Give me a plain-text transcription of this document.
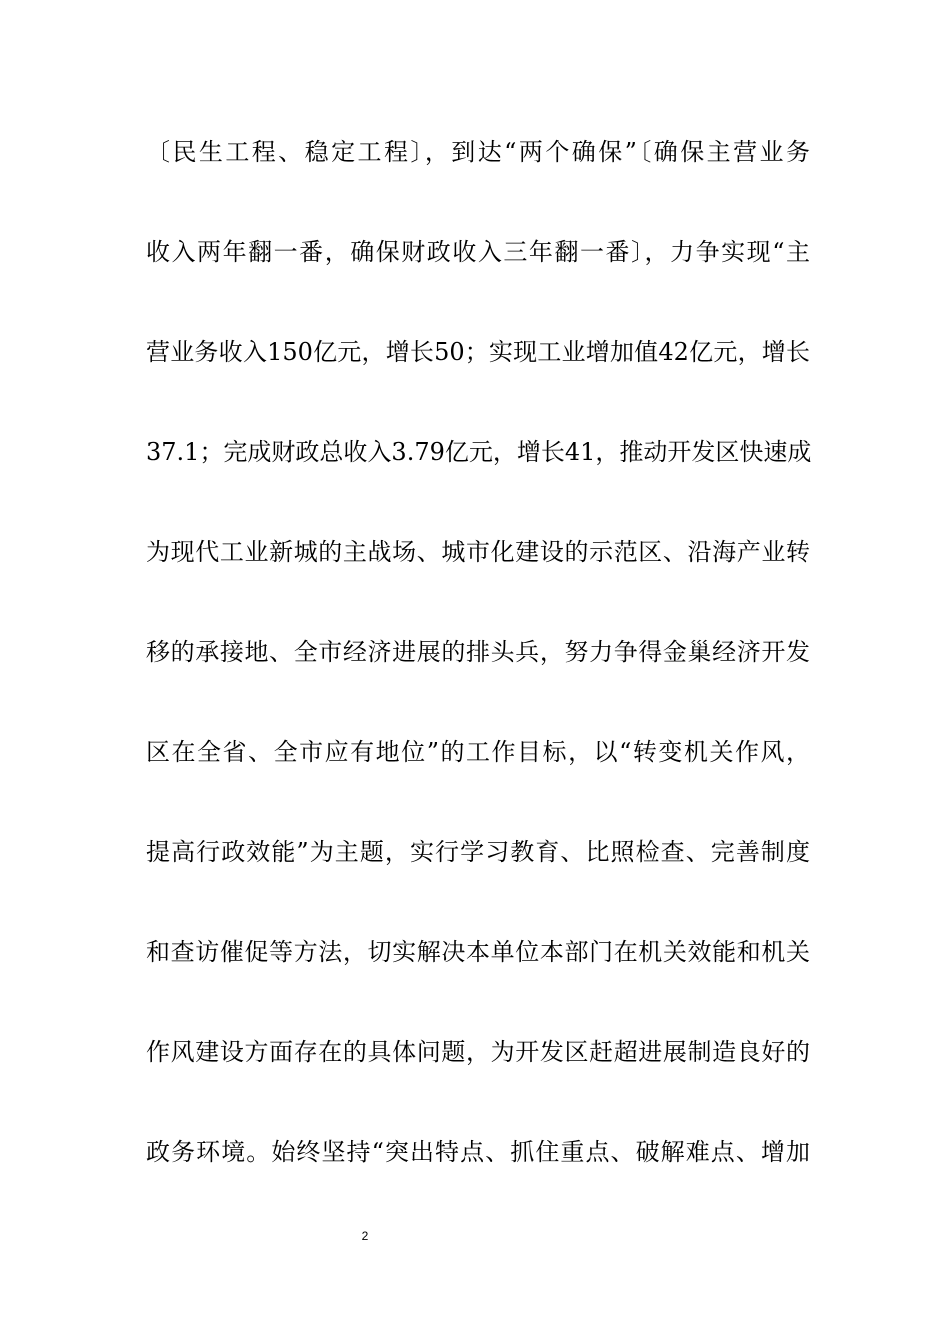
〔民生工程、稳定工程〕，到达“两个确保”〔确保主营业务
收入两年翻一番，确保财政收入三年翻一番〕，力争实现“主
营业务收入150亿元，增长50；实现工业增加值42亿元，增长
37.1；完成财政总收入3.79亿元，增长41，推动开发区快速成
为现代工业新城的主战场、城市化建设的示范区、沿海产业转
移的承接地、全市经济进展的排头兵，努力争得金巢经济开发
区在全省、全市应有地位”的工作目标，以“转变机关作风，
提高行政效能”为主题，实行学习教育、比照检查、完善制度
和查访催促等方法，切实解决本单位本部门在机关效能和机关
作风建设方面存在的具体问题，为开发区赶超进展制造良好的
政务环境。始终坚持“突出特点、抓住重点、破解难点、增加
2
